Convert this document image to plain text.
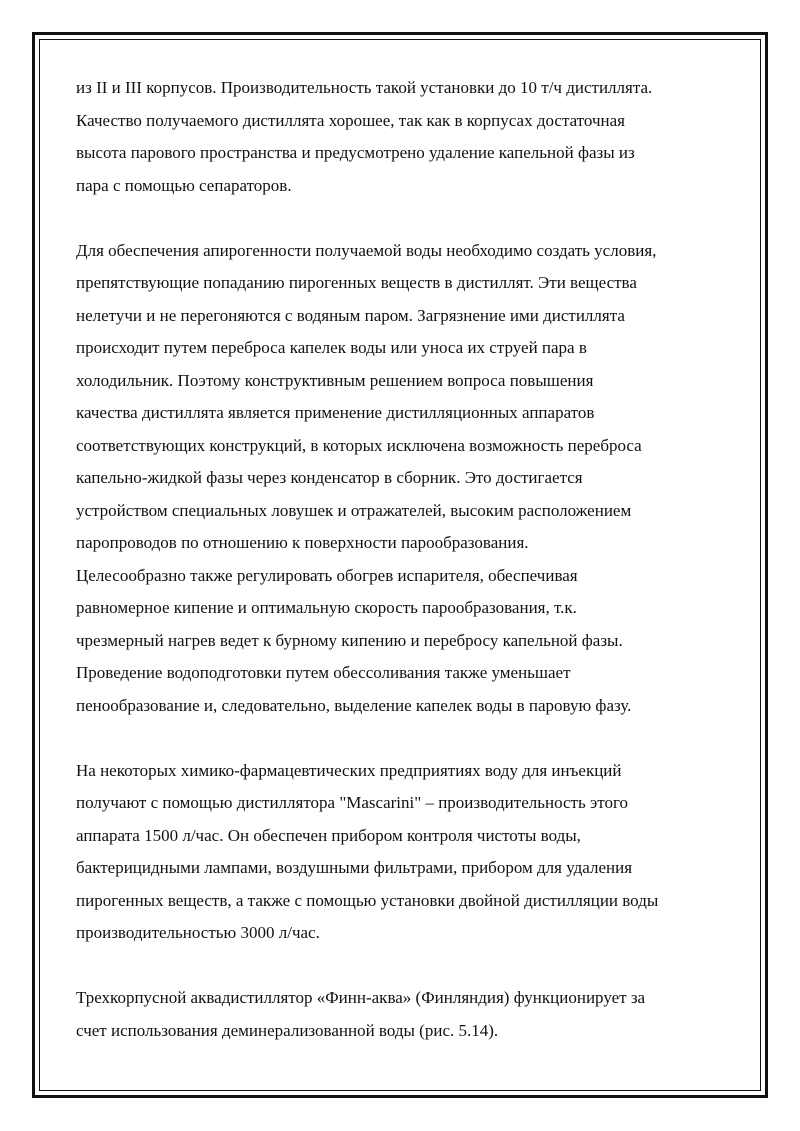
из II и III корпусов. Производительность такой установки до 10 т/ч дистиллята.
Качество получаемого дистиллята хорошее, так как в корпусах достаточная
высота парового пространства и предусмотрено удаление капельной фазы из
пара с помощью сепараторов.
Для обеспечения апирогенности получаемой воды необходимо создать условия,
препятствующие попаданию пирогенных веществ в дистиллят. Эти вещества
нелетучи и не перегоняются с водяным паром. Загрязнение ими дистиллята
происходит путем переброса капелек воды или уноса их струей пара в
холодильник. Поэтому конструктивным решением вопроса повышения
качества дистиллята является применение дистилляционных аппаратов
соответствующих конструкций, в которых исключена возможность переброса
капельно-жидкой фазы через конденсатор в сборник. Это достигается
устройством специальных ловушек и отражателей, высоким расположением
паропроводов по отношению к поверхности парообразования.
Целесообразно также регулировать обогрев испарителя, обеспечивая
равномерное кипение и оптимальную скорость парообразования, т.к.
чрезмерный нагрев ведет к бурному кипению и перебросу капельной фазы.
Проведение водоподготовки путем обессоливания также уменьшает
пенообразование и, следовательно, выделение капелек воды в паровую фазу.
На некоторых химико-фармацевтических предприятиях воду для инъекций
получают с помощью дистиллятора "Mascarini" – производительность этого
аппарата 1500 л/час. Он обеспечен прибором контроля чистоты воды,
бактерицидными лампами, воздушными фильтрами, прибором для удаления
пирогенных веществ, а также с помощью установки двойной дистилляции воды
производительностью 3000 л/час.
Трехкорпусной аквадистиллятор «Финн-аква» (Финляндия) функционирует за
счет использования деминерализованной воды (рис. 5.14).
